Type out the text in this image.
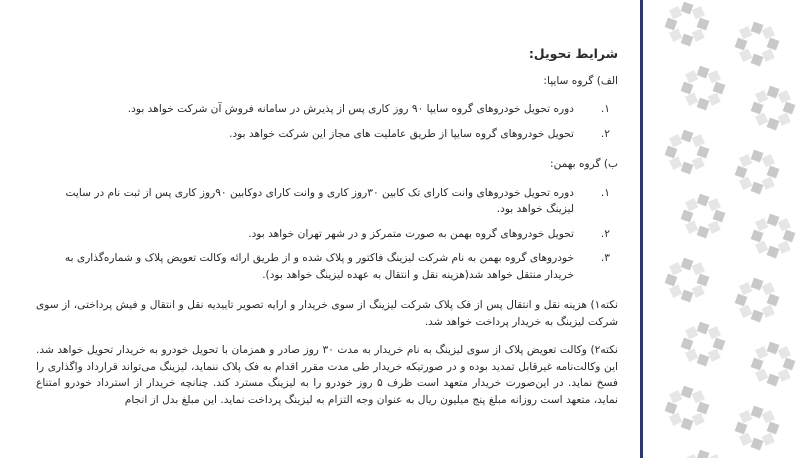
شرایط تحویل:
الف) گروه سایپا:
۱.
دوره تحویل خودروهای گروه سایپا ۹۰ روز کاری پس از پذیرش در سامانه فروش آن شرکت خواهد بود.
۲.
تحویل خودروهای گروه سایپا از طریق عاملیت های مجاز این شرکت خواهد بود.
ب) گروه بهمن:
۱.
دوره تحویل خودروهای وانت کارای تک کابین ۳۰روز کاری و وانت کارای دوکابین ۹۰روز کاری پس از ثبت نام در سایت لیزینگ خواهد بود.
۲.
تحویل خودروهای گروه بهمن به صورت متمرکز و در شهر تهران خواهد بود.
۳.
خودروهای گروه بهمن به نام شرکت لیزینگ فاکتور و پلاک شده و از طریق ارائه وکالت تعویض پلاک و شماره‌گذاری به خریدار منتقل خواهد شد(هزینه نقل و انتقال به عهده لیزینگ خواهد بود).

نکته۱) هزینه نقل و انتقال پس از فک پلاک شرکت لیزینگ از سوی خریدار و ارایه تصویر تاییدیه نقل و انتقال و فیش پرداختی، از سوی شرکت لیزینگ به خریدار پرداخت خواهد شد.

نکته۲) وکالت تعویض پلاک از سوی لیزینگ به نام خریدار به مدت ۳۰ روز صادر و همزمان با تحویل خودرو به خریدار تحویل خواهد شد. این وکالت‌نامه غیرقابل تمدید بوده و در صورتیکه خریدار طی مدت مقرر اقدام به فک پلاک ننماید، لیزینگ می‌تواند قرارداد واگذاری را فسخ نماید. در این‌صورت خریدار متعهد است ظرف ۵ روز خودرو را به لیزینگ مسترد کند. چنانچه خریدار از استرداد خودرو امتناع نماید، متعهد است روزانه مبلغ پنج میلیون ریال به عنوان وجه التزام به لیزینگ پرداخت نماید. این مبلغ بدل از انجام
